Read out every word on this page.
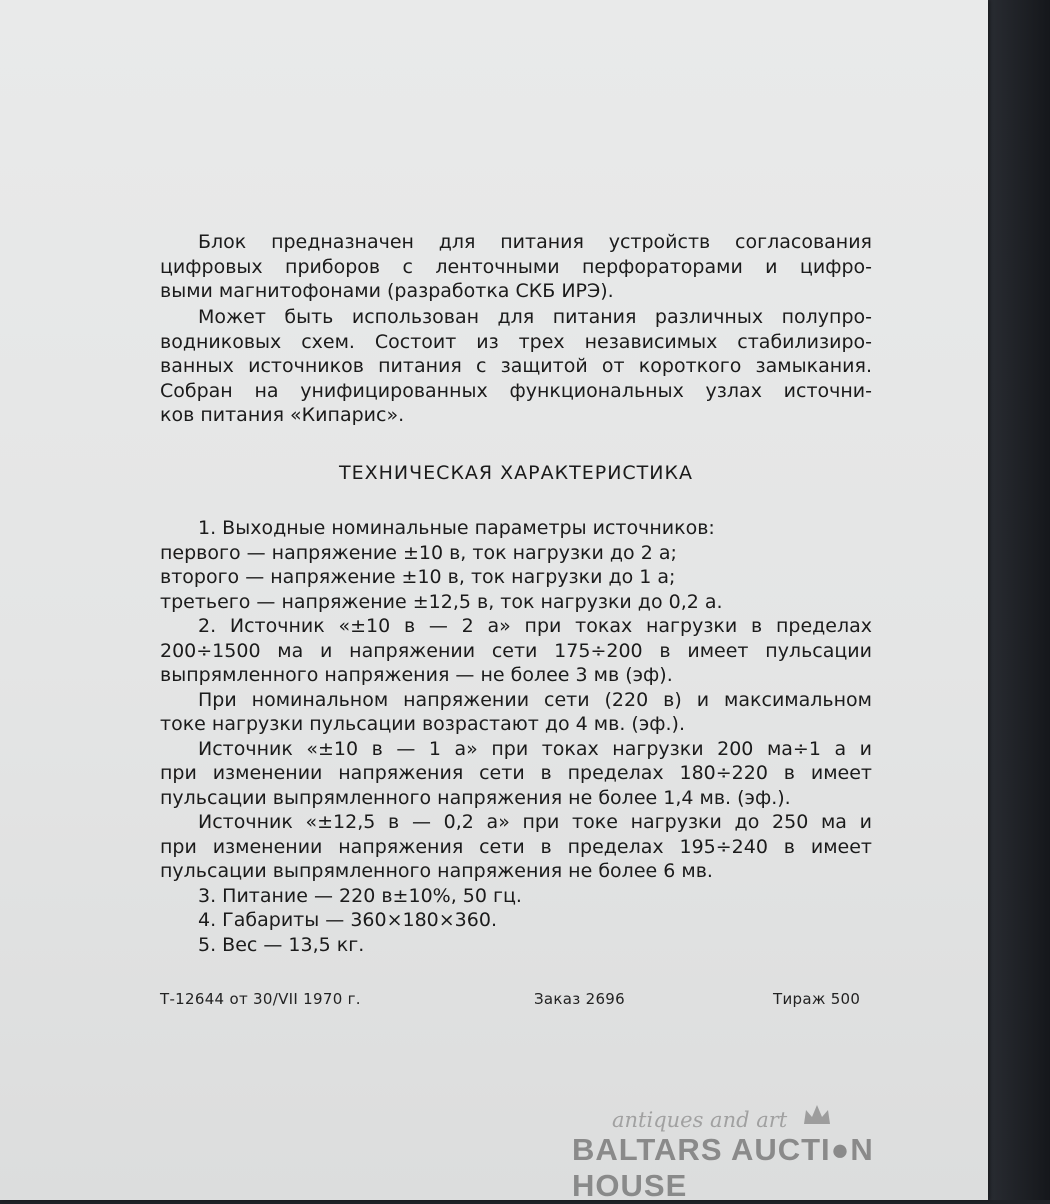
Блок предназначен для питания устройств согласования
цифровых приборов с ленточными перфораторами и цифро-
выми магнитофонами (разработка СКБ ИРЭ).
Может быть использован для питания различных полупро-
водниковых схем. Состоит из трех независимых стабилизиро-
ванных источников питания с защитой от короткого замыкания.
Собран на унифицированных функциональных узлах источни-
ков питания «Кипарис».
ТЕХНИЧЕСКАЯ ХАРАКТЕРИСТИКА
1. Выходные номинальные параметры источников:
первого — напряжение ±10 в, ток нагрузки до 2 а;
второго — напряжение ±10 в, ток нагрузки до 1 а;
третьего — напряжение ±12,5 в, ток нагрузки до 0,2 а.
2. Источник «±10 в — 2 а» при токах нагрузки в пределах
200÷1500 ма и напряжении сети 175÷200 в имеет пульсации
выпрямленного напряжения — не более 3 мв (эф).
При номинальном напряжении сети (220 в) и максимальном
токе нагрузки пульсации возрастают до 4 мв. (эф.).
Источник «±10 в — 1 а» при токах нагрузки 200 ма÷1 а и
при изменении напряжения сети в пределах 180÷220 в имеет
пульсации выпрямленного напряжения не более 1,4 мв. (эф.).
Источник «±12,5 в — 0,2 а» при токе нагрузки до 250 ма и
при изменении напряжения сети в пределах 195÷240 в имеет
пульсации выпрямленного напряжения не более 6 мв.
3. Питание — 220 в±10%, 50 гц.
4. Габариты — 360×180×360.
5. Вес — 13,5 кг.
Т-12644 от 30/VII 1970 г.	Заказ 2696	Тираж 500
antiques and art
BALTARS AUCTI●N HOUSE
